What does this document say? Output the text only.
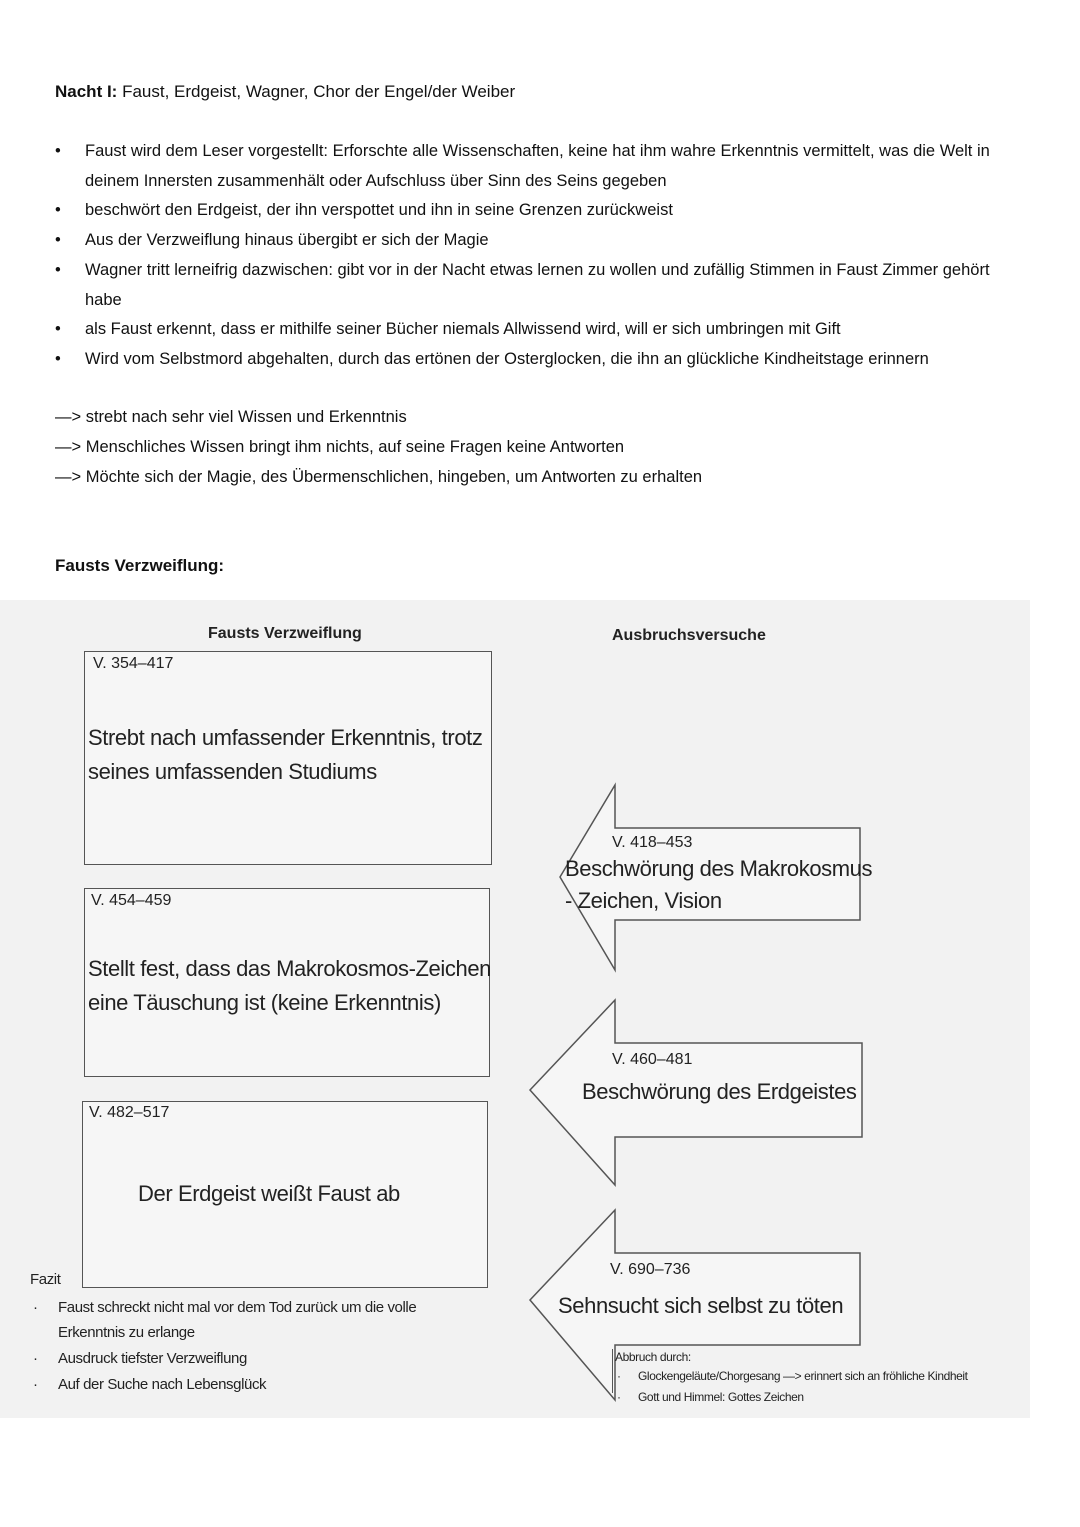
Nacht I: Faust, Erdgeist, Wagner, Chor der Engel/der Weiber
• Faust wird dem Leser vorgestellt: Erforschte alle Wissenschaften, keine hat ihm wahre Erkenntnis vermittelt, was die Welt in deinem Innersten zusammenhält oder Aufschluss über Sinn des Seins gegeben
• beschwört den Erdgeist, der ihn verspottet und ihn in seine Grenzen zurückweist
• Aus der Verzweiflung hinaus übergibt er sich der Magie
• Wagner tritt lerneifrig dazwischen: gibt vor in der Nacht etwas lernen zu wollen und zufällig Stimmen in Faust Zimmer gehört habe
• als Faust erkennt, dass er mithilfe seiner Bücher niemals Allwissend wird, will er sich umbringen mit Gift
• Wird vom Selbstmord abgehalten, durch das ertönen der Osterglocken, die ihn an glückliche Kindheitstage erinnern
—> strebt nach sehr viel Wissen und Erkenntnis
—> Menschliches Wissen bringt ihm nichts, auf seine Fragen keine Antworten
—> Möchte sich der Magie, des Übermenschlichen, hingeben, um Antworten zu erhalten
Fausts Verzweiflung:
Fausts Verzweiflung	Ausbruchsversuche
V. 354–417
Strebt nach umfassender Erkenntnis, trotz
seines umfassenden Studiums
V. 454–459
Stellt fest, dass das Makrokosmos-Zeichen
eine Täuschung ist (keine Erkenntnis)
V. 482–517
Der Erdgeist weißt Faust ab
V. 418–453
Beschwörung des Makrokosmus
- Zeichen, Vision
V. 460–481
Beschwörung des Erdgeistes
V. 690–736
Sehnsucht sich selbst zu töten
Abbruch durch:
· Glockengeläute/Chorgesang —> erinnert sich an fröhliche Kindheit
· Gott und Himmel: Gottes Zeichen
Fazit
· Faust schreckt nicht mal vor dem Tod zurück um die volle
Erkenntnis zu erlange
· Ausdruck tiefster Verzweiflung
· Auf der Suche nach Lebensglück
